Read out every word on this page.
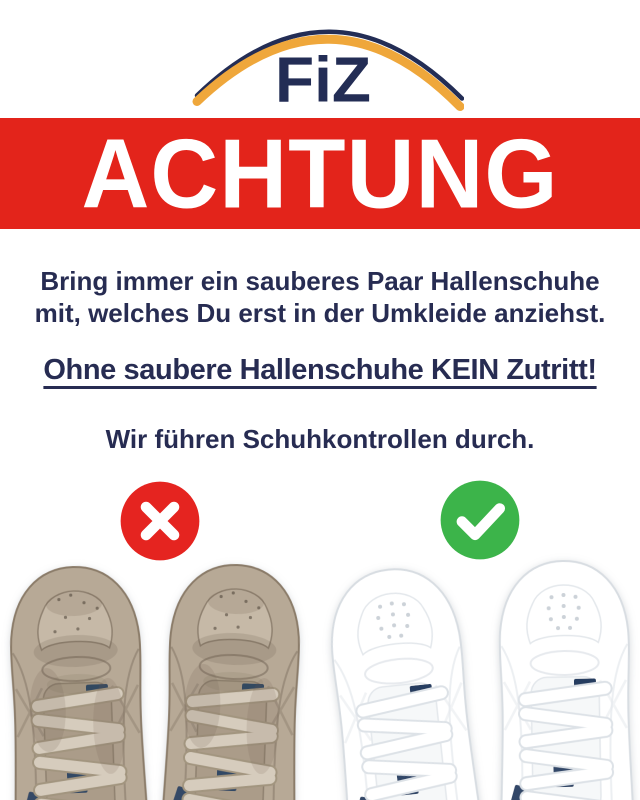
FiZ
ACHTUNG
Bring immer ein sauberes Paar Hallenschuhe
mit, welches Du erst in der Umkleide anziehst.
Ohne saubere Hallenschuhe KEIN Zutritt!
Wir führen Schuhkontrollen durch.
